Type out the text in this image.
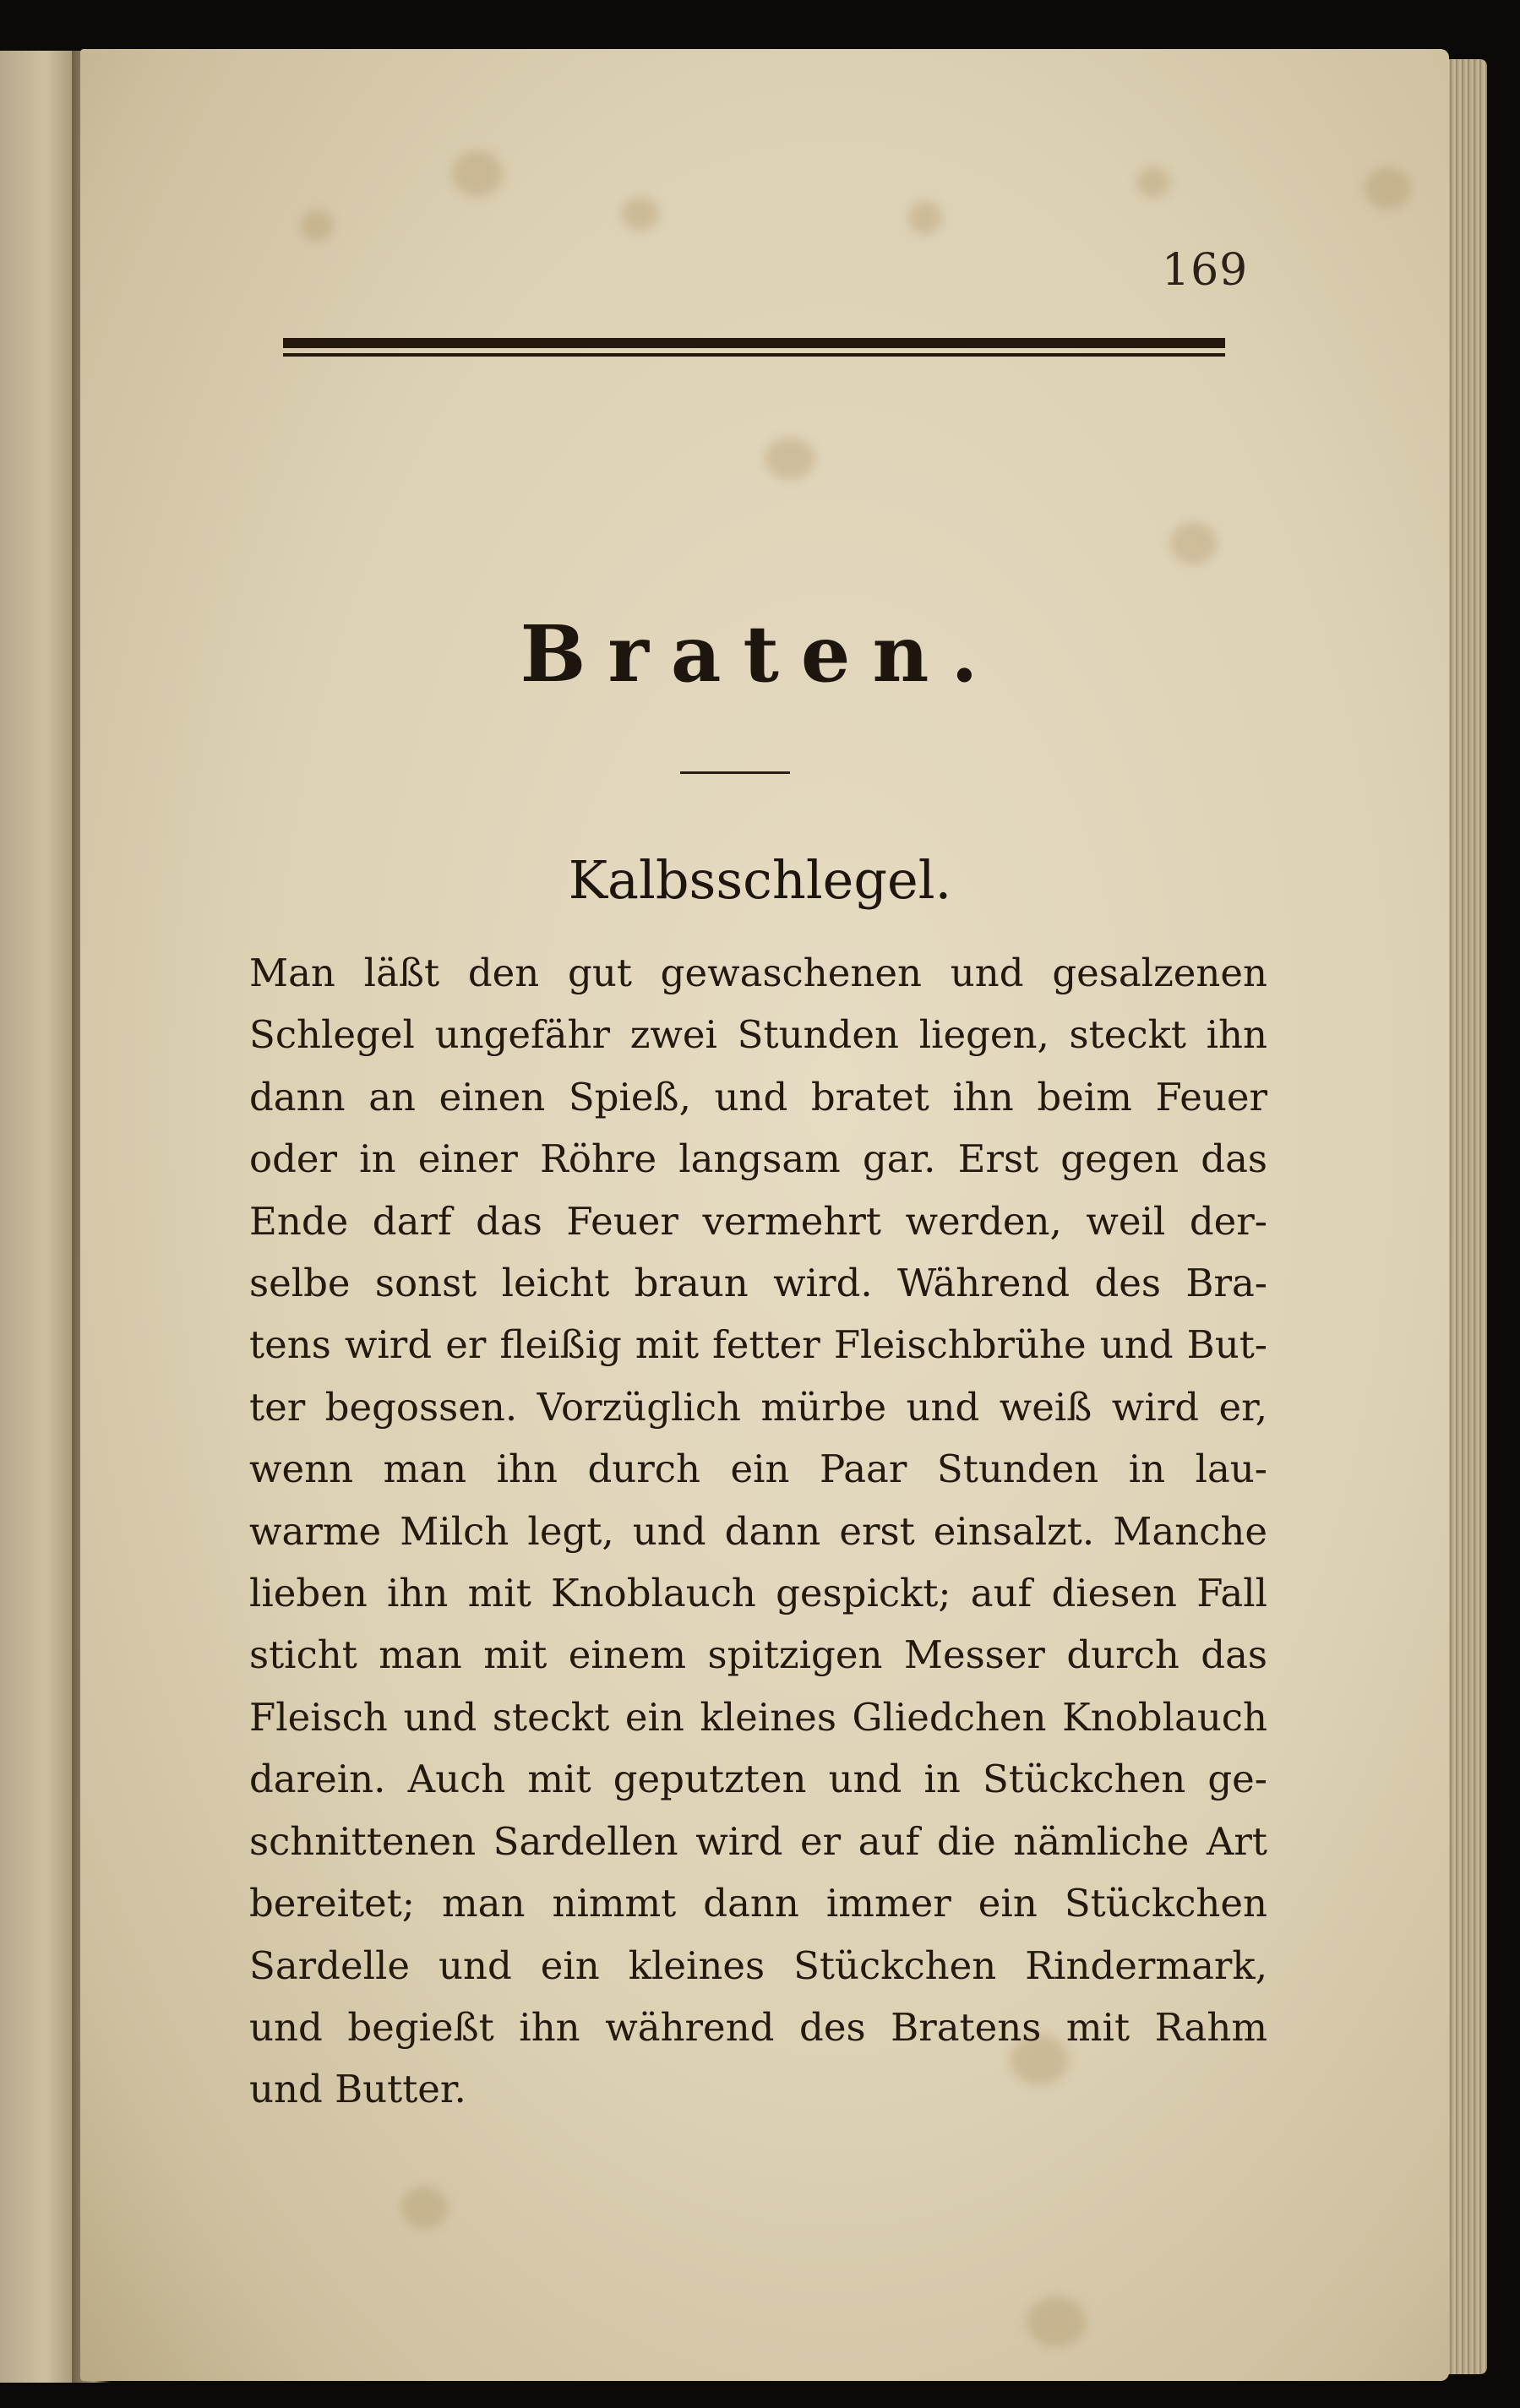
169
Braten.
Kalbsschlegel.
Man läßt den gut gewaschenen und gesalzenen
Schlegel ungefähr zwei Stunden liegen, steckt ihn
dann an einen Spieß, und bratet ihn beim Feuer
oder in einer Röhre langsam gar. Erst gegen das
Ende darf das Feuer vermehrt werden, weil der-
selbe sonst leicht braun wird. Während des Bra-
tens wird er fleißig mit fetter Fleischbrühe und But-
ter begossen. Vorzüglich mürbe und weiß wird er,
wenn man ihn durch ein Paar Stunden in lau-
warme Milch legt, und dann erst einsalzt. Manche
lieben ihn mit Knoblauch gespickt; auf diesen Fall
sticht man mit einem spitzigen Messer durch das
Fleisch und steckt ein kleines Gliedchen Knoblauch
darein. Auch mit geputzten und in Stückchen ge-
schnittenen Sardellen wird er auf die nämliche Art
bereitet; man nimmt dann immer ein Stückchen
Sardelle und ein kleines Stückchen Rindermark,
und begießt ihn während des Bratens mit Rahm
und Butter.
